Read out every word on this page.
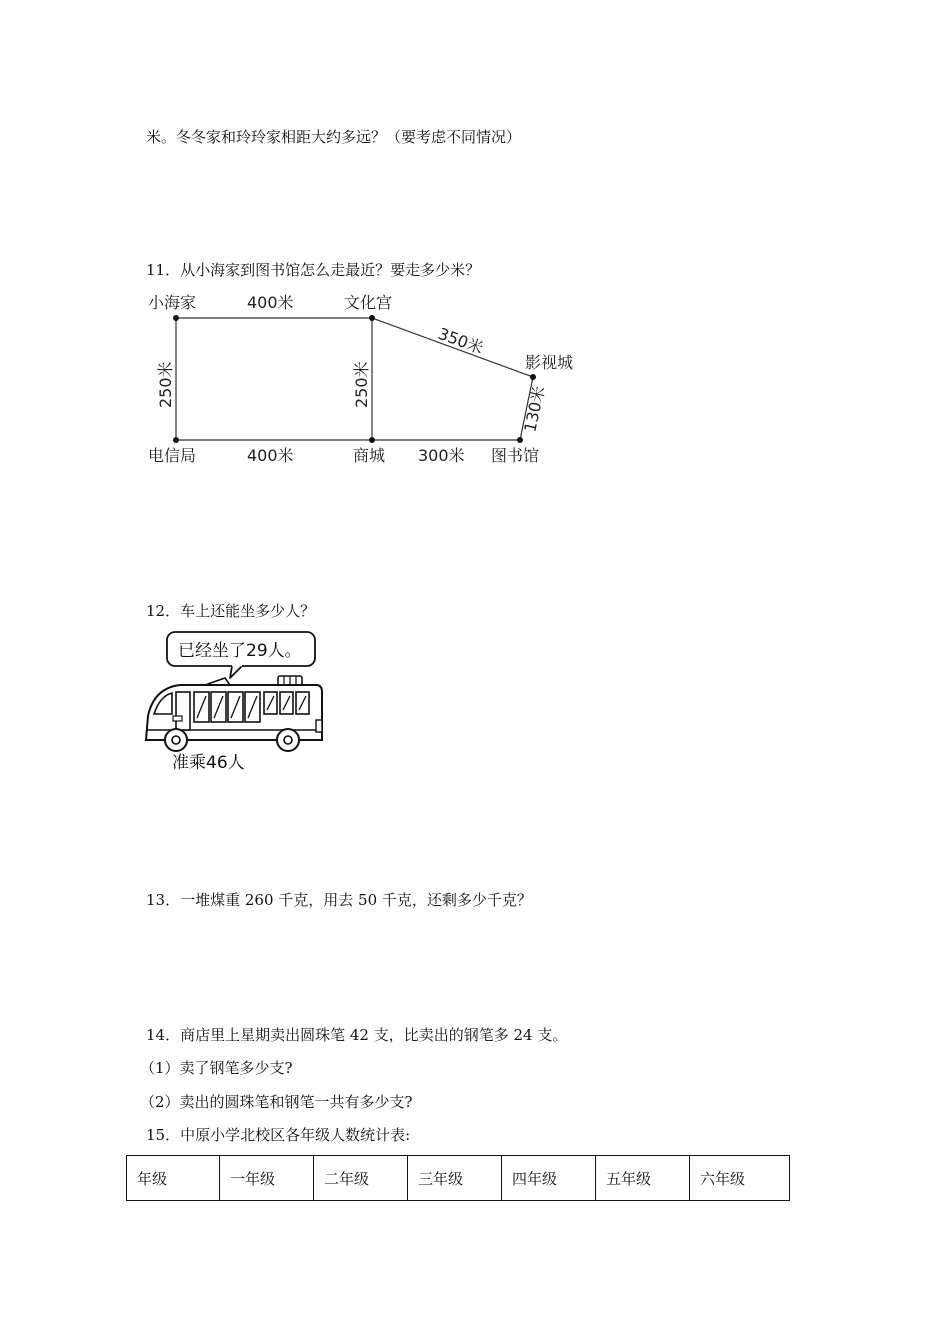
米。冬冬家和玲玲家相距大约多远？（要考虑不同情况）
11．从小海家到图书馆怎么走最近？要走多少米？
小海家	文化宫
影视城
电信局	商城	图书馆
400米
400米	300米
250米	250米
350米
130米
12．车上还能坐多少人？
已经坐了29人。
准乘46人
13．一堆煤重 260 千克，用去 50 千克，还剩多少千克？
14．商店里上星期卖出圆珠笔 42 支，比卖出的钢笔多 24 支。
（1）卖了钢笔多少支?
（2）卖出的圆珠笔和钢笔一共有多少支?
15．中原小学北校区各年级人数统计表:
年级	一年级	二年级	三年级	四年级	五年级	六年级
